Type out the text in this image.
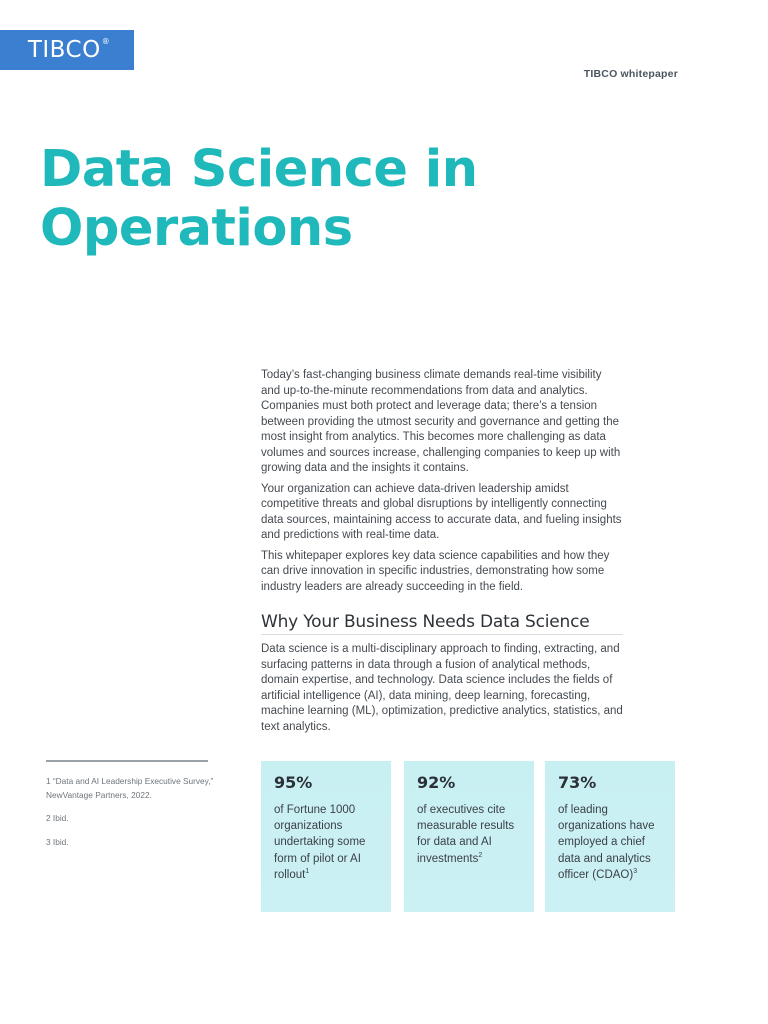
TIBCO®
TIBCO whitepaper
Data Science in Operations

Today’s fast-changing business climate demands real-time visibility and up-to-the-minute recommendations from data and analytics. Companies must both protect and leverage data; there’s a tension between providing the utmost security and governance and getting the most insight from analytics. This becomes more challenging as data volumes and sources increase, challenging companies to keep up with growing data and the insights it contains.

Your organization can achieve data-driven leadership amidst competitive threats and global disruptions by intelligently connecting data sources, maintaining access to accurate data, and fueling insights and predictions with real-time data.

This whitepaper explores key data science capabilities and how they can drive innovation in specific industries, demonstrating how some industry leaders are already succeeding in the field.

Why Your Business Needs Data Science

Data science is a multi-disciplinary approach to finding, extracting, and surfacing patterns in data through a fusion of analytical methods, domain expertise, and technology. Data science includes the fields of artificial intelligence (AI), data mining, deep learning, forecasting, machine learning (ML), optimization, predictive analytics, statistics, and text analytics.

1 “Data and AI Leadership Executive Survey,” NewVantage Partners, 2022.

2 Ibid.

3 Ibid.

95%
of Fortune 1000 organizations undertaking some form of pilot or AI rollout$^1$
92%
of executives cite measurable results for data and AI investments$^2$
73%
of leading organizations have employed a chief data and analytics officer (CDAO)$^3$
